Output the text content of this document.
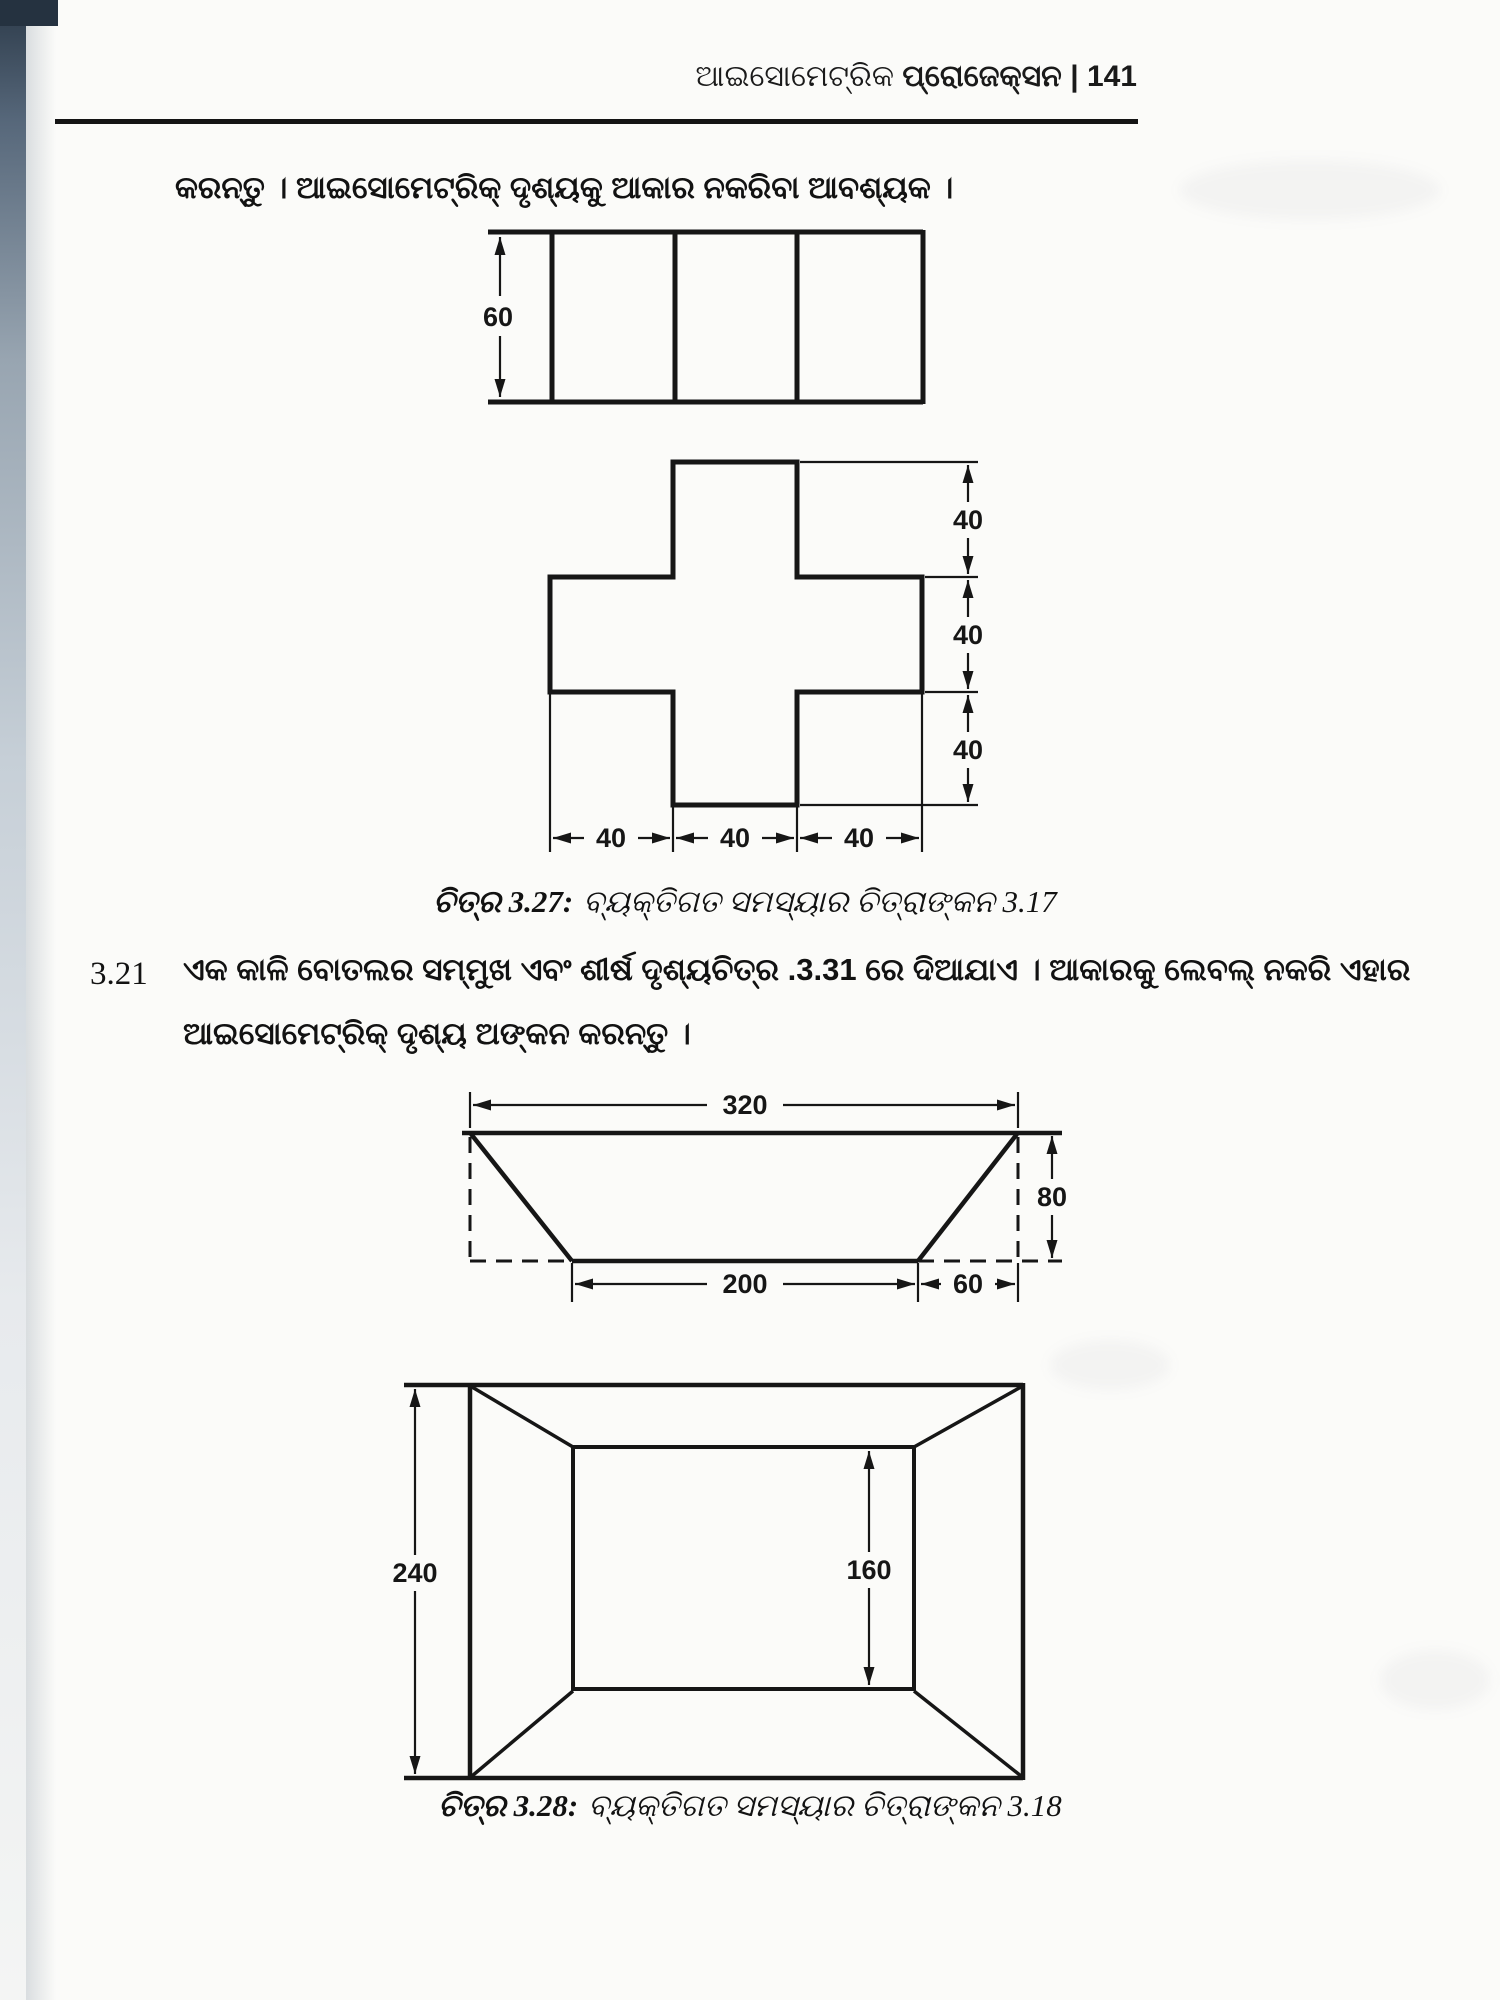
ଆଇସୋମେଟ୍ରିକ ପ୍ରୋଜେକ୍ସନ | 141
କରନ୍ତୁ । ଆଇସୋମେଟ୍ରିକ୍ ଦୃଶ୍ୟକୁ ଆକାର ନକରିବା ଆବଶ୍ୟକ ।
60
40
40
40
40	40	40
320
200	60
80
240	160
ଚିତ୍ର 3.27: ବ୍ୟକ୍ତିଗତ ସମସ୍ୟାର ଚିତ୍ରାଙ୍କନ 3.17
3.21 ଏକ କାଳି ବୋତଲର ସମ୍ମୁଖ ଏବଂ ଶୀର୍ଷ ଦୃଶ୍ୟଚିତ୍ର .3.31 ରେ ଦିଆଯାଏ । ଆକାରକୁ ଲେବଲ୍ ନକରି ଏହାର
ଆଇସୋମେଟ୍ରିକ୍ ଦୃଶ୍ୟ ଅଙ୍କନ କରନ୍ତୁ ।
ଚିତ୍ର 3.28: ବ୍ୟକ୍ତିଗତ ସମସ୍ୟାର ଚିତ୍ରାଙ୍କନ 3.18
